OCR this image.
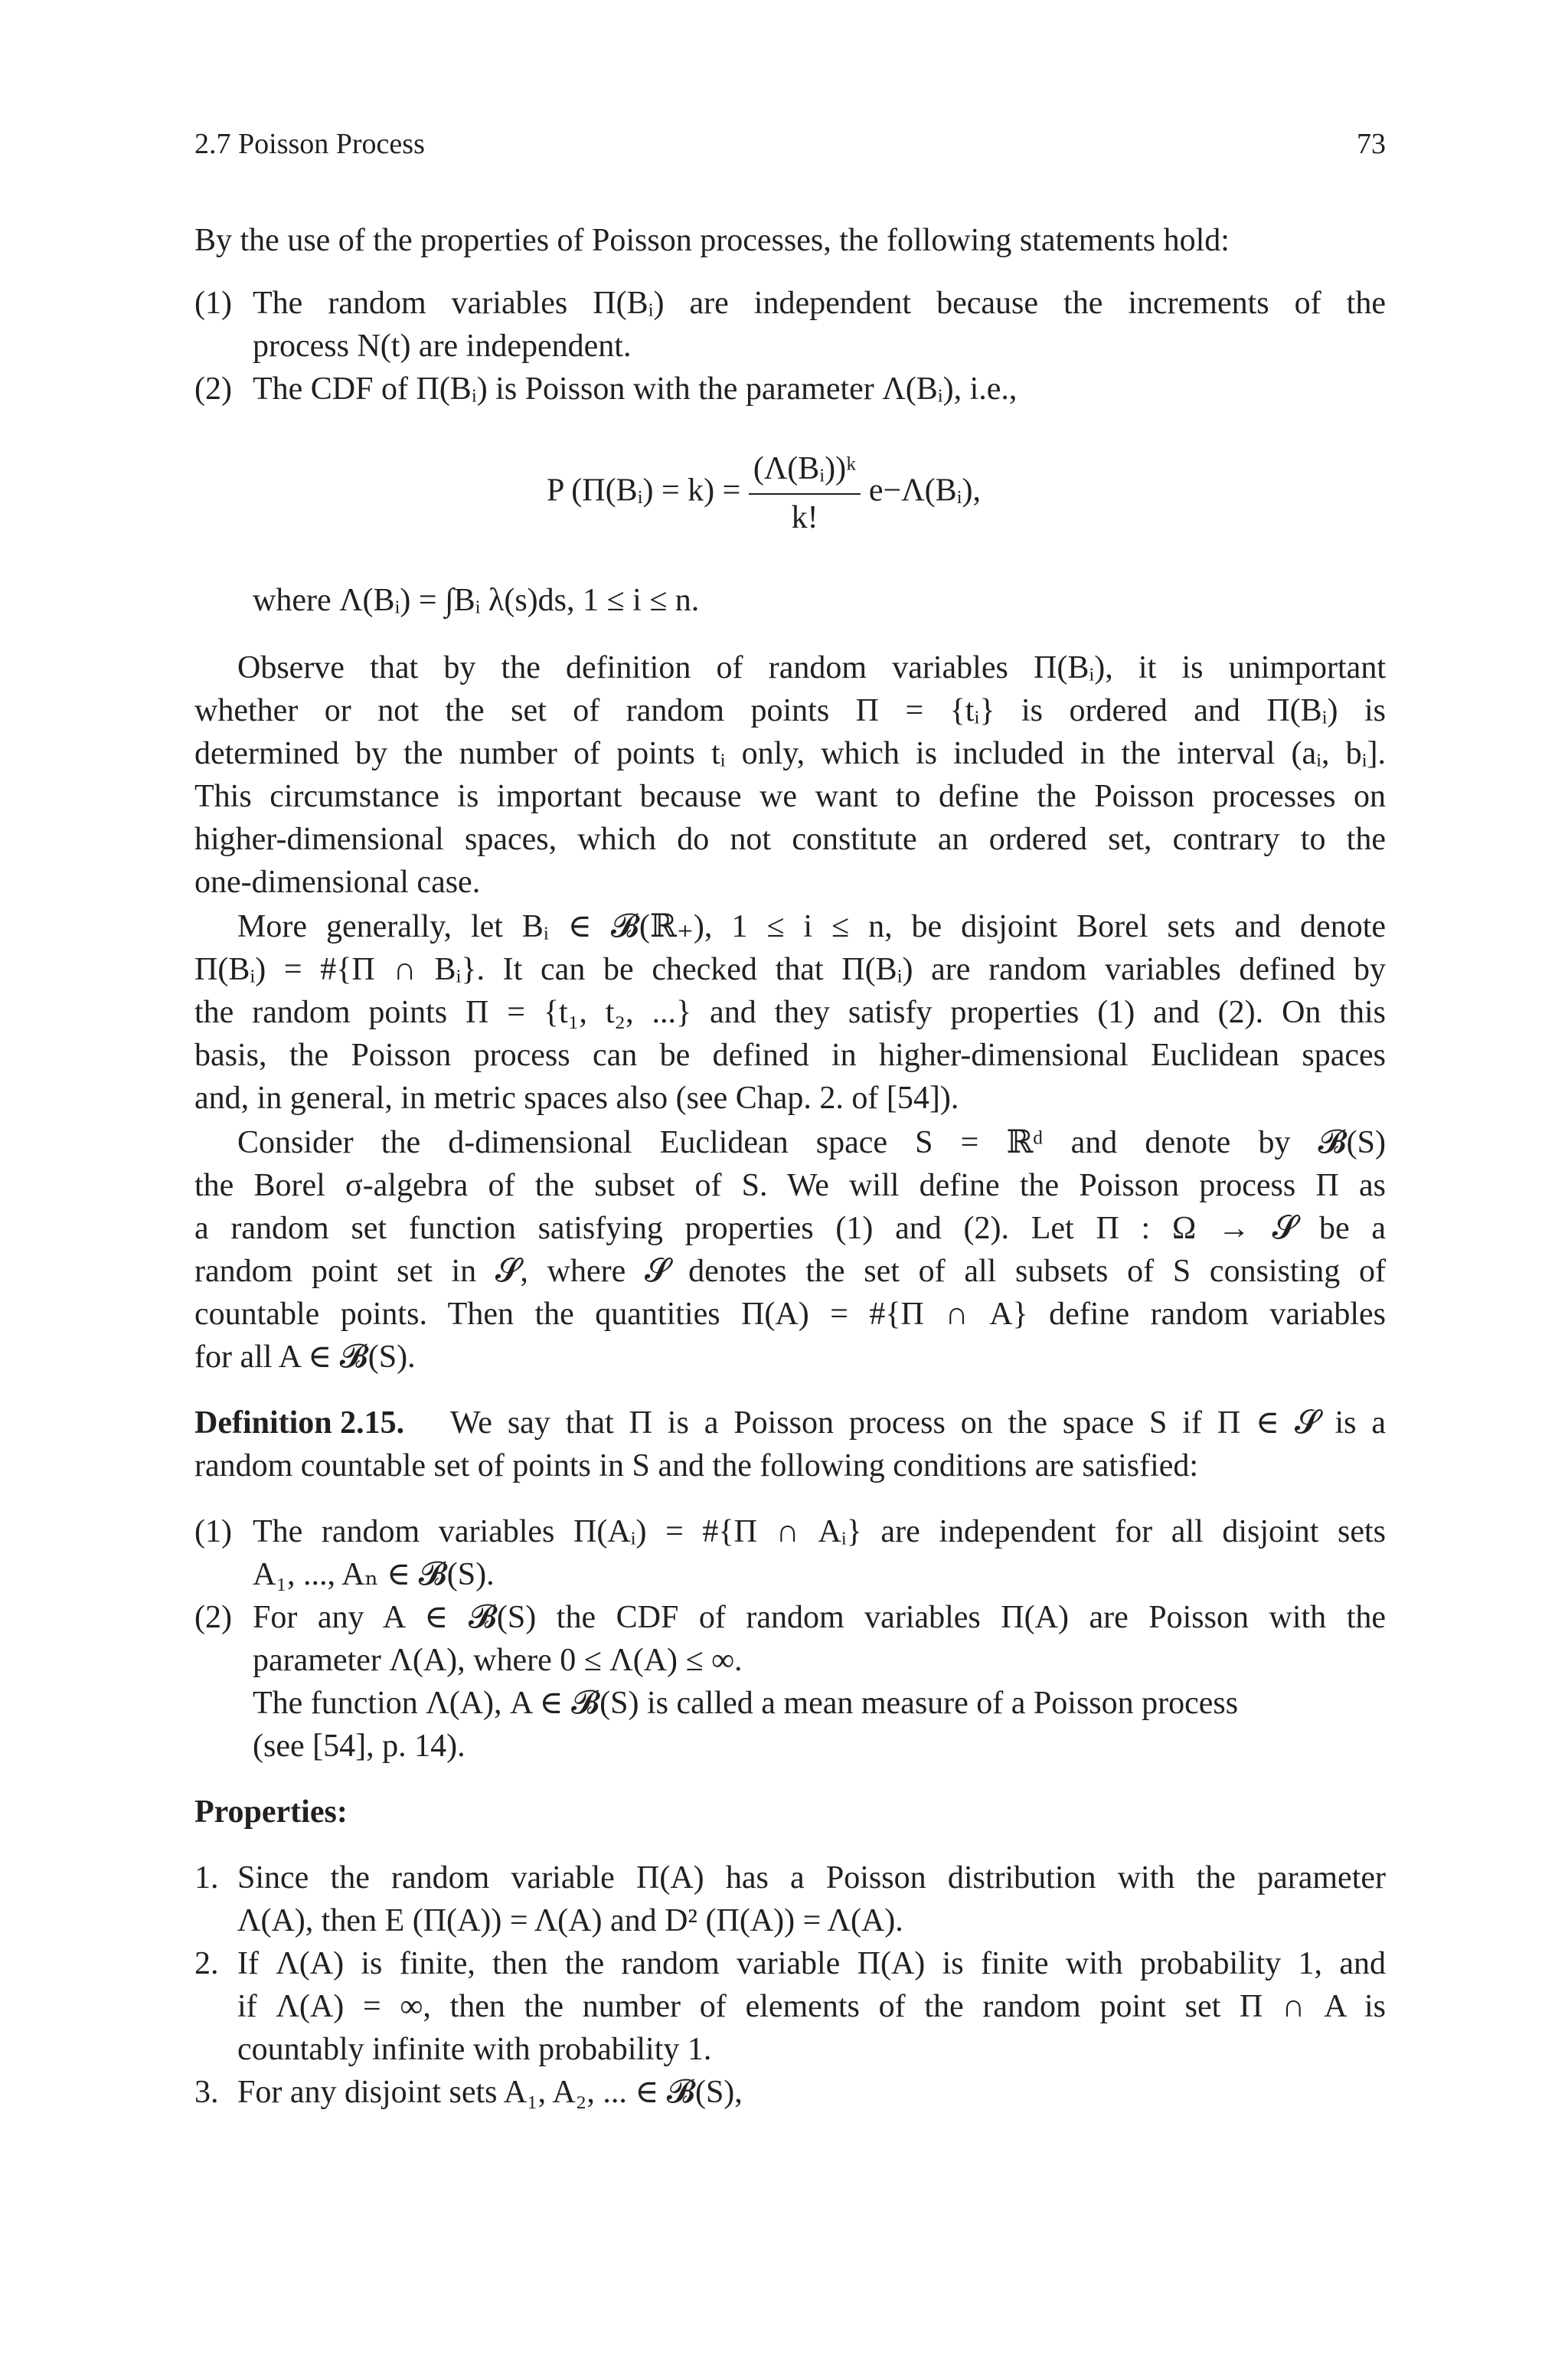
2.7 Poisson Process	73
By the use of the properties of Poisson processes, the following statements hold:
(1) The random variables Π(Bᵢ) are independent because the increments of the
process N(t) are independent.
(2) The CDF of Π(Bᵢ) is Poisson with the parameter Λ(Bᵢ), i.e.,
P (Π(Bᵢ) = $k) = \frac{\text{(Λ(Bᵢ))ᵏ}}{k!}$ e−Λ(Bᵢ),
where Λ(Bᵢ) = ∫Bᵢ λ(s)ds, 1 ≤ i ≤ n.
Observe that by the definition of random variables Π(Bᵢ), it is unimportant
whether or not the set of random points Π = {tᵢ} is ordered and Π(Bᵢ) is
determined by the number of points tᵢ only, which is included in the interval (aᵢ, bᵢ].
This circumstance is important because we want to define the Poisson processes on
higher-dimensional spaces, which do not constitute an ordered set, contrary to the
one-dimensional case.
More generally, let Bᵢ ∈ 𝓑(ℝ₊), 1 ≤ i ≤ n, be disjoint Borel sets and denote
Π(Bᵢ) = #{Π ∩ Bᵢ}. It can be checked that Π(Bᵢ) are random variables defined by
the random points Π = {t₁, t₂, ...} and they satisfy properties (1) and (2). On this
basis, the Poisson process can be defined in higher-dimensional Euclidean spaces
and, in general, in metric spaces also (see Chap. 2. of [54]).
Consider the d-dimensional Euclidean space S = ℝᵈ and denote by 𝓑(S)
the Borel σ-algebra of the subset of S. We will define the Poisson process Π as
a random set function satisfying properties (1) and (2). Let Π : Ω → 𝓢 be a
random point set in 𝓢, where 𝓢 denotes the set of all subsets of S consisting of
countable points. Then the quantities Π(A) = #{Π ∩ A} define random variables
for all A ∈ 𝓑(S).
Definition 2.15. We say that Π is a Poisson process on the space S if Π ∈ 𝓢 is a
random countable set of points in S and the following conditions are satisfied:
(1) The random variables Π(Aᵢ) = #{Π ∩ Aᵢ} are independent for all disjoint sets
A₁, ..., Aₙ ∈ 𝓑(S).
(2) For any A ∈ 𝓑(S) the CDF of random variables Π(A) are Poisson with the
parameter Λ(A), where 0 ≤ Λ(A) ≤ ∞.
The function Λ(A), A ∈ 𝓑(S) is called a mean measure of a Poisson process
(see [54], p. 14).
Properties:
1. Since the random variable Π(A) has a Poisson distribution with the parameter
Λ(A), then E (Π(A)) = Λ(A) and D² (Π(A)) = Λ(A).
2. If Λ(A) is finite, then the random variable Π(A) is finite with probability 1, and
if Λ(A) = ∞, then the number of elements of the random point set Π ∩ A is
countably infinite with probability 1.
3. For any disjoint sets A₁, A₂, ... ∈ 𝓑(S),
